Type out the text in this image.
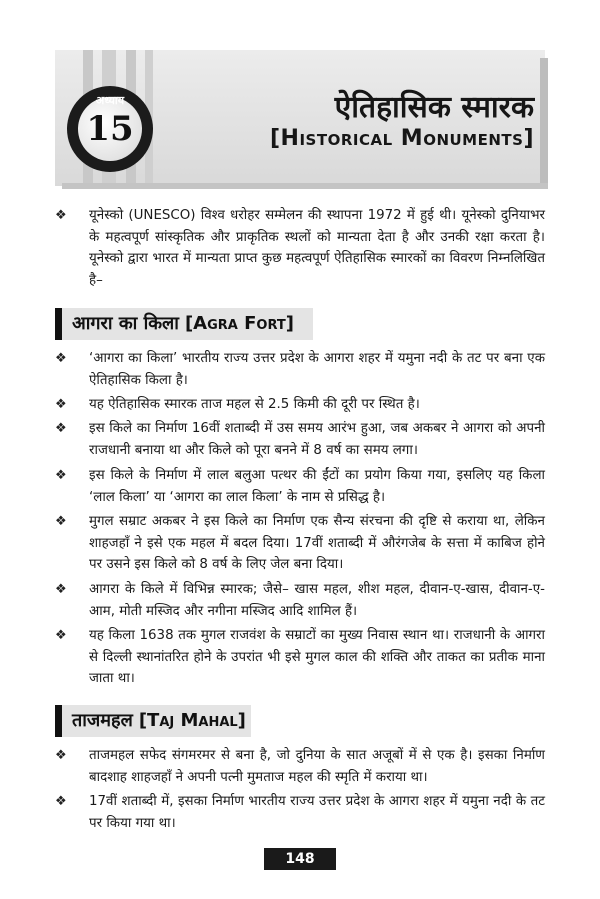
अध्याय
15
ऐतिहासिक स्मारक
[Historical Monuments]
❖	यूनेस्को (UNESCO) विश्व धरोहर सम्मेलन की स्थापना 1972 में हुई थी। यूनेस्को दुनियाभर के महत्वपूर्ण सांस्कृतिक और प्राकृतिक स्थलों को मान्यता देता है और उनकी रक्षा करता है। यूनेस्को द्वारा भारत में मान्यता प्राप्त कुछ महत्वपूर्ण ऐतिहासिक स्मारकों का विवरण निम्नलिखित है–
आगरा का किला [Agra Fort]
❖	‘आगरा का किला’ भारतीय राज्य उत्तर प्रदेश के आगरा शहर में यमुना नदी के तट पर बना एक ऐतिहासिक किला है।
❖	यह ऐतिहासिक स्मारक ताज महल से 2.5 किमी की दूरी पर स्थित है।
❖	इस किले का निर्माण 16वीं शताब्दी में उस समय आरंभ हुआ, जब अकबर ने आगरा को अपनी राजधानी बनाया था और किले को पूरा बनने में 8 वर्ष का समय लगा।
❖	इस किले के निर्माण में लाल बलुआ पत्थर की ईंटों का प्रयोग किया गया, इसलिए यह किला ‘लाल किला’ या ‘आगरा का लाल किला’ के नाम से प्रसिद्ध है।
❖	मुगल सम्राट अकबर ने इस किले का निर्माण एक सैन्य संरचना की दृष्टि से कराया था, लेकिन शाहजहाँ ने इसे एक महल में बदल दिया। 17वीं शताब्दी में औरंगजेब के सत्ता में काबिज होने पर उसने इस किले को 8 वर्ष के लिए जेल बना दिया।
❖	आगरा के किले में विभिन्न स्मारक; जैसे– खास महल, शीश महल, दीवान-ए-खास, दीवान-ए-आम, मोती मस्जिद और नगीना मस्जिद आदि शामिल हैं।
❖	यह किला 1638 तक मुगल राजवंश के सम्राटों का मुख्य निवास स्थान था। राजधानी के आगरा से दिल्ली स्थानांतरित होने के उपरांत भी इसे मुगल काल की शक्ति और ताकत का प्रतीक माना जाता था।
ताजमहल [Taj Mahal]
❖	ताजमहल सफेद संगमरमर से बना है, जो दुनिया के सात अजूबों में से एक है। इसका निर्माण बादशाह शाहजहाँ ने अपनी पत्नी मुमताज महल की स्मृति में कराया था।
❖	17वीं शताब्दी में, इसका निर्माण भारतीय राज्य उत्तर प्रदेश के आगरा शहर में यमुना नदी के तट पर किया गया था।
148
